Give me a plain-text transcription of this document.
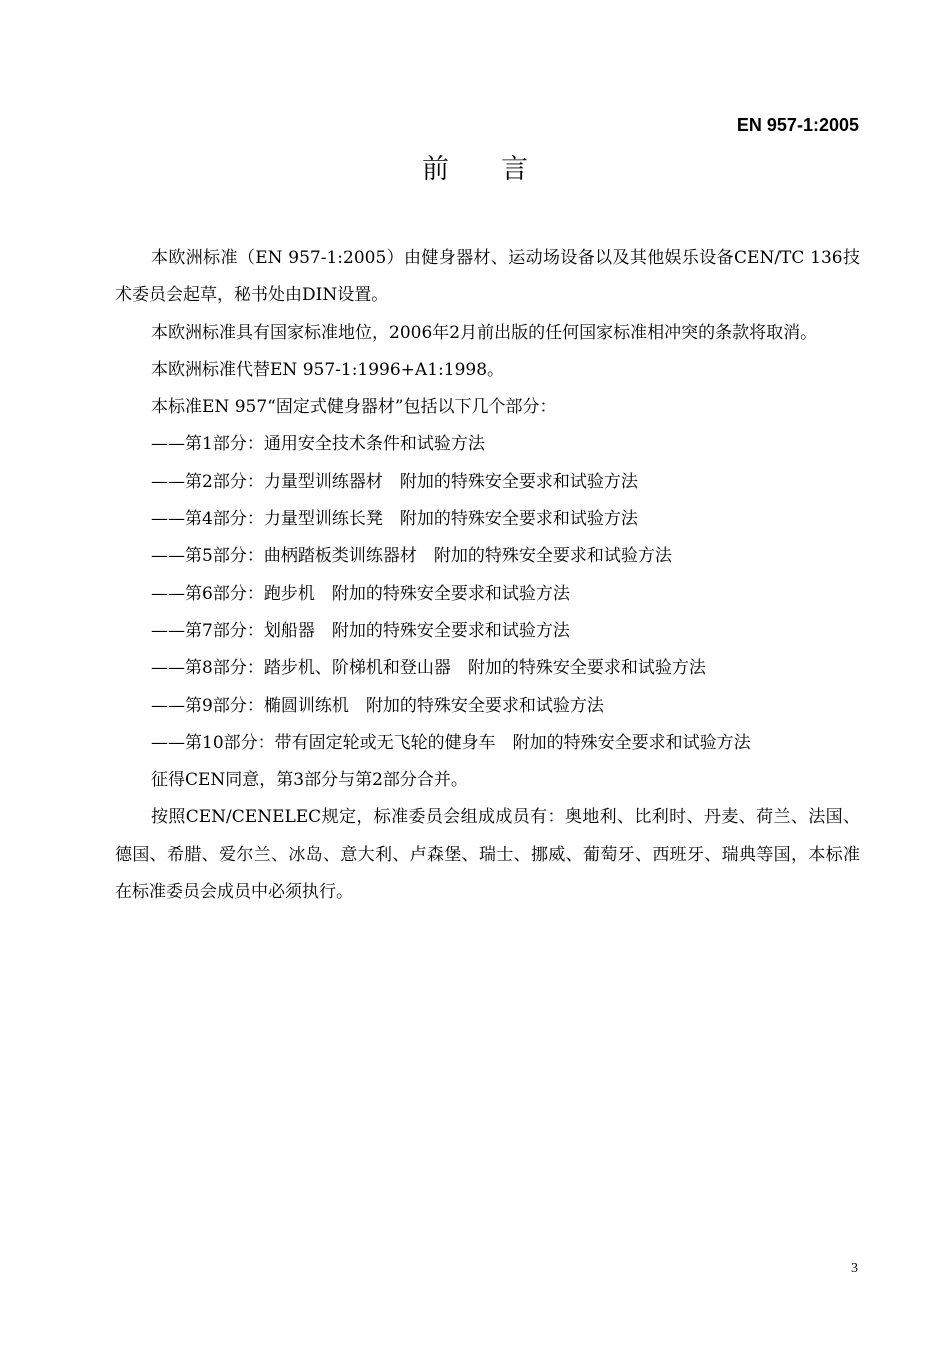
EN 957-1:2005
前言

本欧洲标准（EN 957-1:2005）由健身器材、运动场设备以及其他娱乐设备CEN/TC 136技术委员会起草，秘书处由DIN设置。

本欧洲标准具有国家标准地位，2006年2月前出版的任何国家标准相冲突的条款将取消。

本欧洲标准代替EN 957-1:1996+A1:1998。

本标准EN 957“固定式健身器材”包括以下几个部分：

——第1部分：通用安全技术条件和试验方法

——第2部分：力量型训练器材　附加的特殊安全要求和试验方法

——第4部分：力量型训练长凳　附加的特殊安全要求和试验方法

——第5部分：曲柄踏板类训练器材　附加的特殊安全要求和试验方法

——第6部分：跑步机　附加的特殊安全要求和试验方法

——第7部分：划船器　附加的特殊安全要求和试验方法

——第8部分：踏步机、阶梯机和登山器　附加的特殊安全要求和试验方法

——第9部分：椭圆训练机　附加的特殊安全要求和试验方法

——第10部分：带有固定轮或无飞轮的健身车　附加的特殊安全要求和试验方法

征得CEN同意，第3部分与第2部分合并。

按照CEN/CENELEC规定，标准委员会组成成员有：奥地利、比利时、丹麦、荷兰、法国、德国、希腊、爱尔兰、冰岛、意大利、卢森堡、瑞士、挪威、葡萄牙、西班牙、瑞典等国，本标准在标准委员会成员中必须执行。

3
